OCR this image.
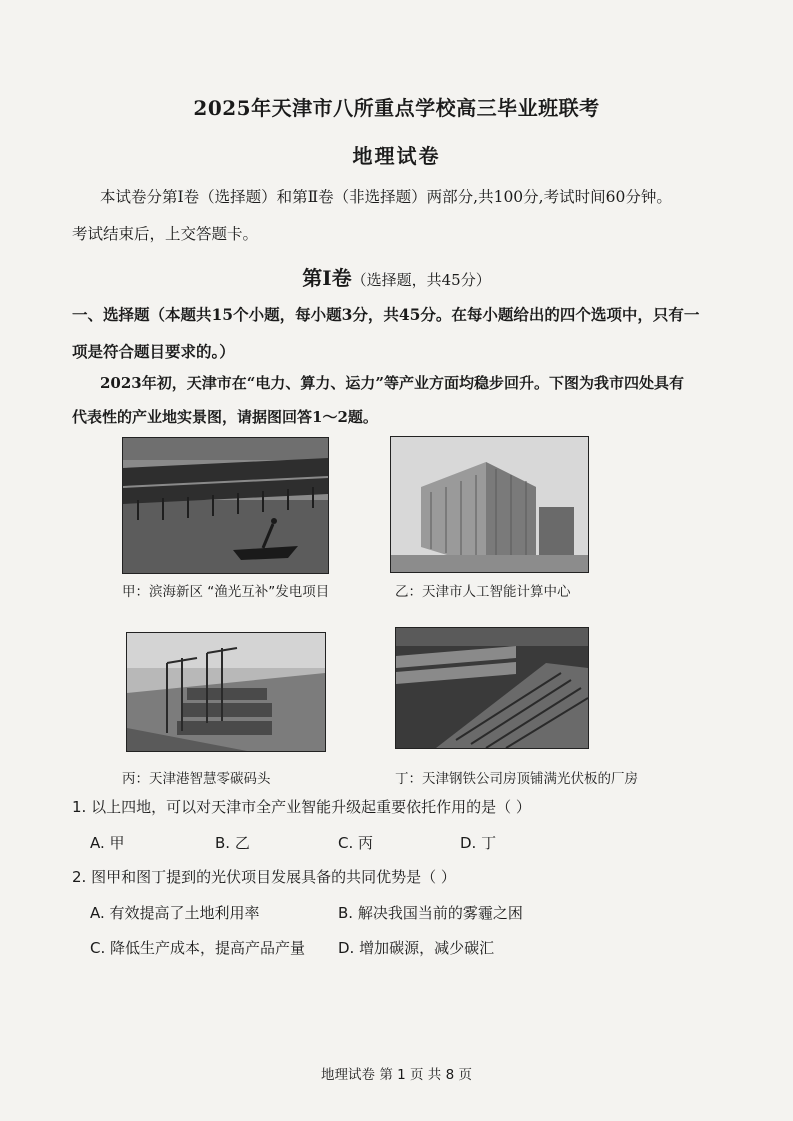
2025年天津市八所重点学校高三毕业班联考
地理试卷
本试卷分第Ⅰ卷（选择题）和第Ⅱ卷（非选择题）两部分,共100分,考试时间60分钟。
考试结束后，上交答题卡。
第Ⅰ卷（选择题，共45分）
一、选择题（本题共15个小题，每小题3分，共45分。在每小题给出的四个选项中，只有一
项是符合题目要求的。）
2023年初，天津市在“电力、算力、运力”等产业方面均稳步回升。下图为我市四处具有
代表性的产业地实景图，请据图回答1～2题。
甲：滨海新区 “渔光互补”发电项目	乙：天津市人工智能计算中心
丙：天津港智慧零碳码头	丁：天津钢铁公司房顶铺满光伏板的厂房
1. 以上四地，可以对天津市全产业智能升级起重要依托作用的是（ ）
A. 甲	B. 乙	C. 丙	D. 丁
2. 图甲和图丁提到的光伏项目发展具备的共同优势是（ ）
A. 有效提高了土地利用率	B. 解决我国当前的雾霾之困
C. 降低生产成本，提高产品产量 D. 增加碳源，减少碳汇
地理试卷 第 1 页 共 8 页
